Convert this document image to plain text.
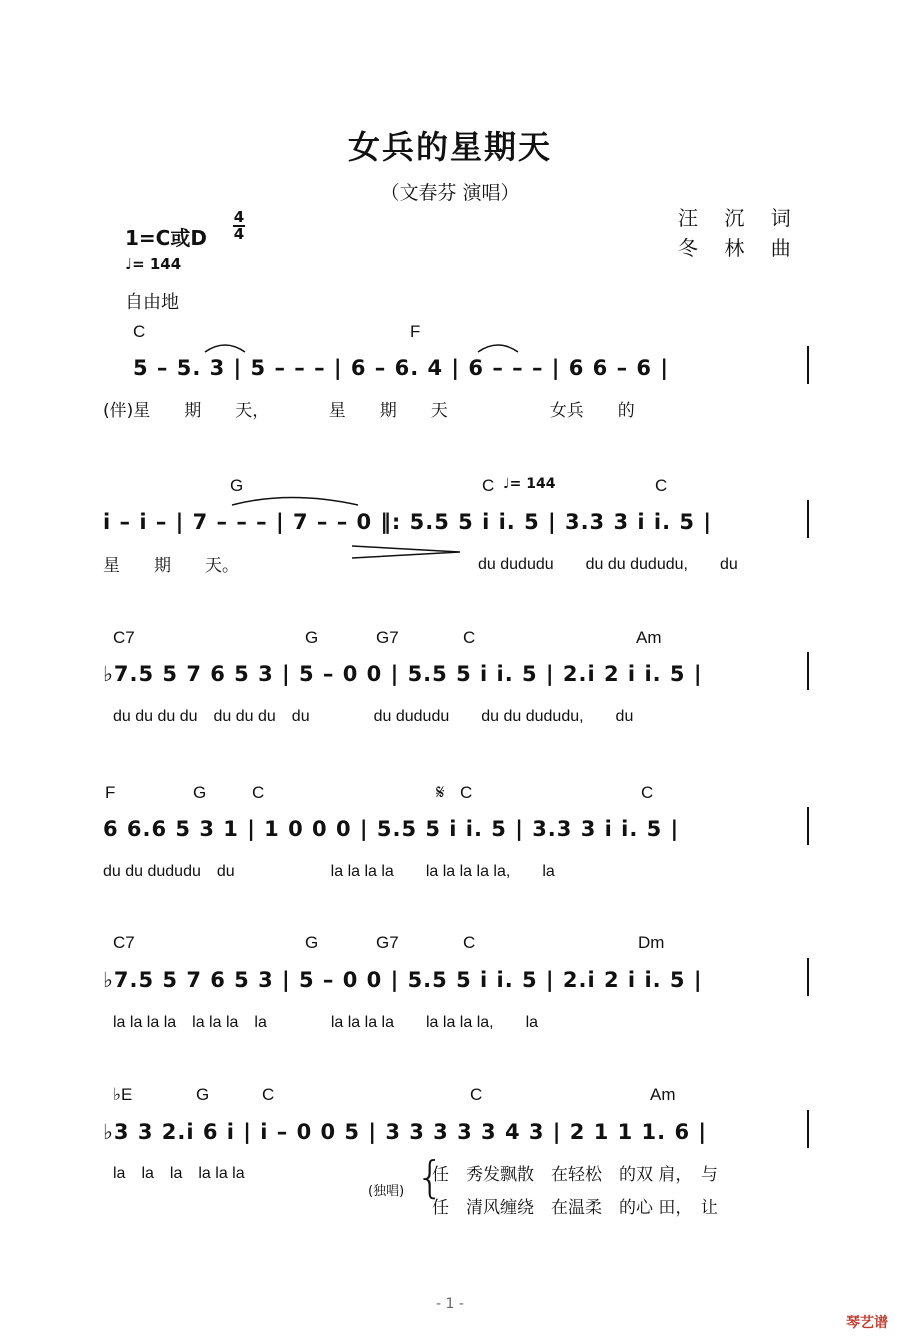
女兵的星期天
（文春芬 演唱）
汪 沉 词
冬 林 曲
1=C或D
4
4
♩= 144
自由地
C	F
5 – 5. 3 | 5 – – – | 6 – 6. 4 | 6 – – – | 6 6 – 6 |
(伴)星　　期　　天，　　　　星　　期　　天　　　　　　女兵　　的
G	C ♩= 144	C
i – i – | 7 – – – | 7 – – 0 ‖: 5.5 5 i i. 5 | 3.3 3 i i. 5 |
星　　期　　天。	du dududu　　du du dududu,　　du
C7	G	G7	C	Am
♭7.5 5 7 6 5 3 | 5 – 0 0 | 5.5 5 i i. 5 | 2.i 2 i i. 5 |
du du du du　du du du　du　　　　du dududu　　du du dududu,　　du
F	G	C	𝄋 C	C
6 6.6 5 3 1 | 1 0 0 0 | 5.5 5 i i. 5 | 3.3 3 i i. 5 |
du du dududu　du　　　　　　la la la la　　la la la la la,　　la
C7	G	G7	C	Dm
♭7.5 5 7 6 5 3 | 5 – 0 0 | 5.5 5 i i. 5 | 2.i 2 i i. 5 |
la la la la　la la la　la　　　　la la la la　　la la la la,　　la
♭E	G	C	C	Am
♭3 3 2.i 6 i | i – 0 0 5 | 3 3 3 3 3 4 3 | 2 1 1 1. 6 |
la　la　la　la la la
(独唱) {
任　秀发飘散　在轻松　的双 肩，　与
任　清风缠绕　在温柔　的心 田，　让
- 1 -
琴艺谱
